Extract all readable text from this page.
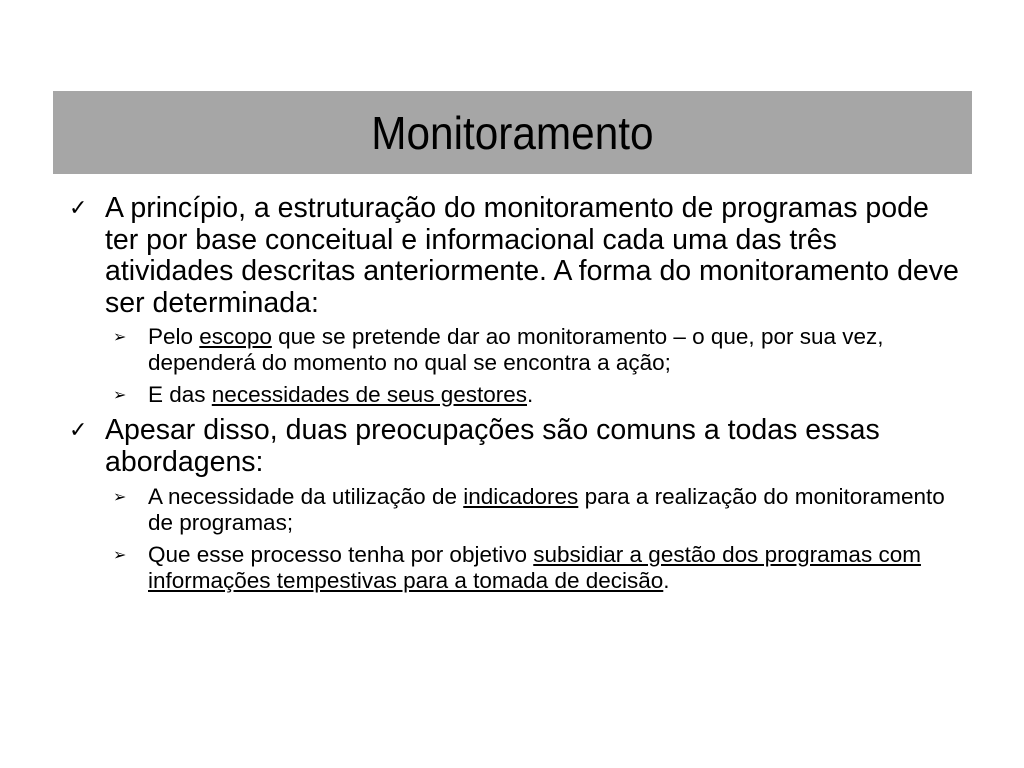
Monitoramento
✓ A princípio, a estruturação do monitoramento de programas pode ter por base conceitual e informacional cada uma das três atividades descritas anteriormente. A forma do monitoramento deve ser determinada:
➢ Pelo escopo que se pretende dar ao monitoramento – o que, por sua vez, dependerá do momento no qual se encontra a ação;
➢ E das necessidades de seus gestores.
✓ Apesar disso, duas preocupações são comuns a todas essas abordagens:
➢ A necessidade da utilização de indicadores para a realização do monitoramento de programas;
➢ Que esse processo tenha por objetivo subsidiar a gestão dos programas com informações tempestivas para a tomada de decisão.
